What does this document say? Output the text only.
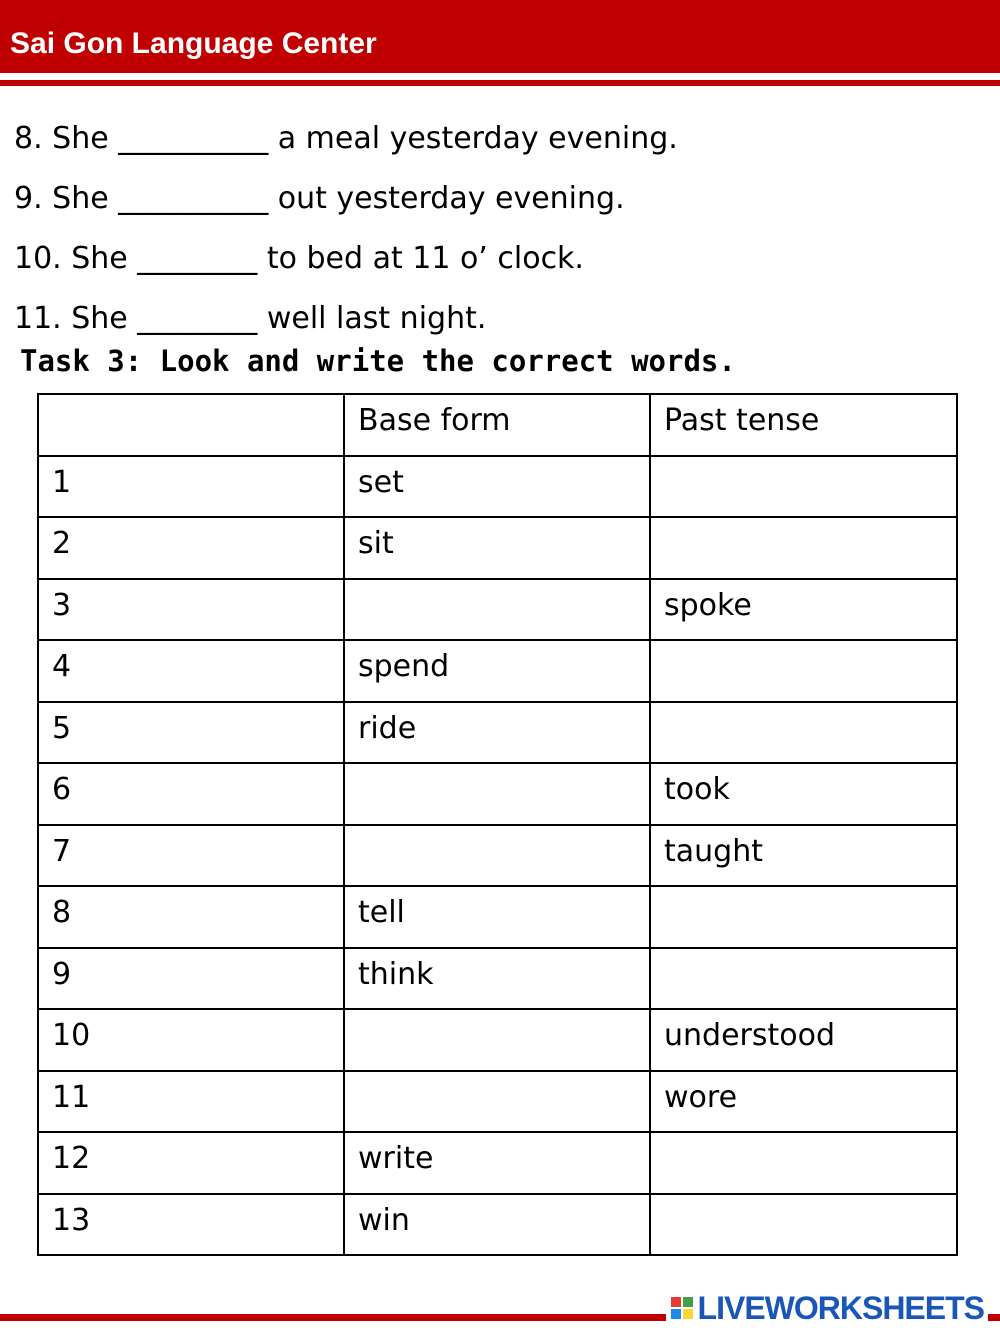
Sai Gon Language Center
8. She __________ a meal yesterday evening.
9. She __________ out yesterday evening.
10. She ________ to bed at 11 o’ clock.
11. She ________ well last night.
Task 3: Look and write the correct words.
	Base form	Past tense
1	set	
2	sit	
3		spoke
4	spend	
5	ride	
6		took
7		taught
8	tell	
9	think	
10		understood
11		wore
12	write	
13	win	
LIVEWORKSHEETS
